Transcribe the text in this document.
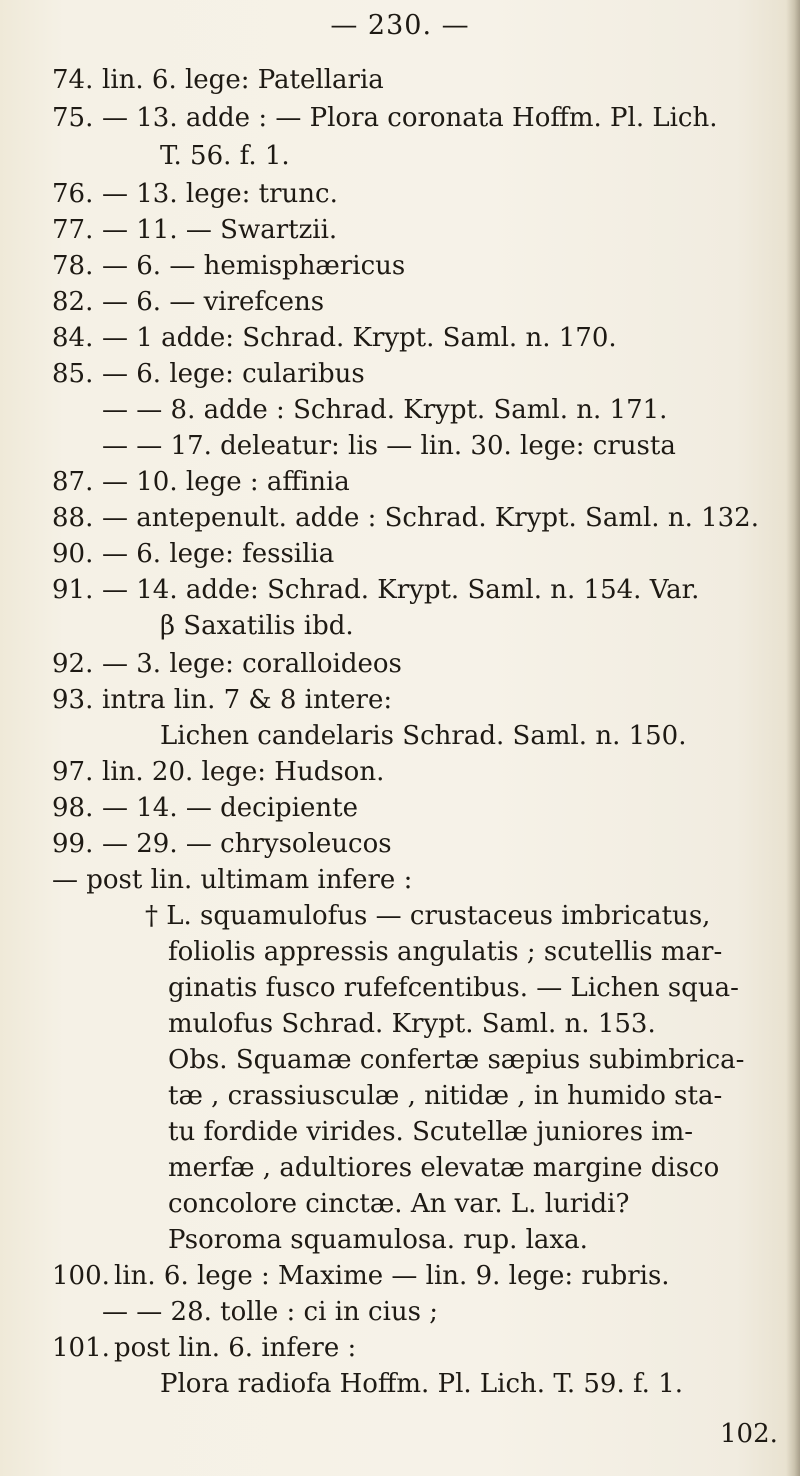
— 230. —
74. lin. 6. lege: Patellaria
75. — 13. adde : — Plora coronata Hoffm. Pl. Lich.
T. 56. f. 1.
76. — 13. lege: trunc.
77. — 11. — Swartzii.
78. — 6. — hemisphæricus
82. — 6. — virefcens
84. — 1 adde: Schrad. Krypt. Saml. n. 170.
85. — 6. lege: cularibus
— — 8. adde : Schrad. Krypt. Saml. n. 171.
— — 17. deleatur: lis — lin. 30. lege: crusta
87. — 10. lege : affinia
88. — antepenult. adde : Schrad. Krypt. Saml. n. 132.
90. — 6. lege: fessilia
91. — 14. adde: Schrad. Krypt. Saml. n. 154. Var.
β Saxatilis ibd.
92. — 3. lege: coralloideos
93. intra lin. 7 & 8 intere:
Lichen candelaris Schrad. Saml. n. 150.
97. lin. 20. lege: Hudson.
98. — 14. — decipiente
99. — 29. — chrysoleucos
— post lin. ultimam infere :
† L. squamulofus — crustaceus imbricatus,
foliolis appressis angulatis ; scutellis mar-
ginatis fusco rufefcentibus. — Lichen squa-
mulofus Schrad. Krypt. Saml. n. 153.
Obs. Squamæ confertæ sæpius subimbrica-
tæ , crassiusculæ , nitidæ , in humido sta-
tu fordide virides. Scutellæ juniores im-
merfæ , adultiores elevatæ margine disco
concolore cinctæ. An var. L. luridi?
Psoroma squamulosa. rup. laxa.
100. lin. 6. lege : Maxime — lin. 9. lege: rubris.
— — 28. tolle : ci in cius ;
101. post lin. 6. infere :
Plora radiofa Hoffm. Pl. Lich. T. 59. f. 1.
102.
